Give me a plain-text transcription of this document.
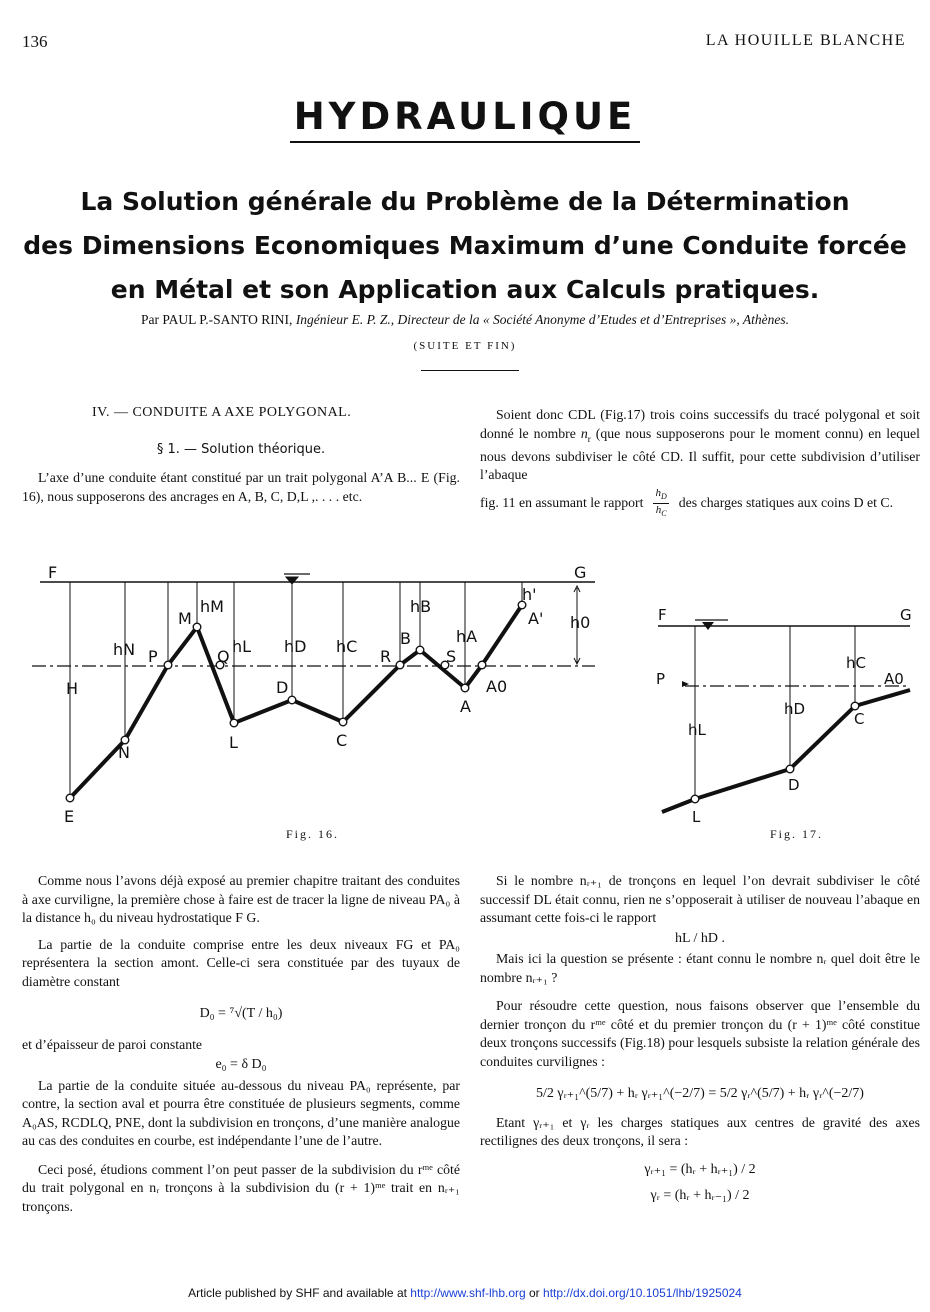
136	LA HOUILLE BLANCHE
HYDRAULIQUE
La Solution générale du Problème de la Détermination
des Dimensions Economiques Maximum d’une Conduite forcée
en Métal et son Application aux Calculs pratiques.
Par PAUL P.-SANTO RINI, Ingénieur E. P. Z., Directeur de la « Société Anonyme d’Etudes et d’Entreprises », Athènes.
(SUITE ET FIN)
IV. — CONDUITE A AXE POLYGONAL.
§ 1. — Solution théorique.

L’axe d’une conduite étant constitué par un trait polygonal A’A B... E (Fig. 16), nous supposerons des ancrages en A, B, C, D,L ,. . . . etc.

Soient donc CDL (Fig.17) trois coins successifs du tracé polygonal et soit donné le nombre $n_r$ (que nous supposerons pour le moment connu) en lequel nous devons subdiviser le côté CD. Il suffit, pour cette subdivision d’utiliser l’abaque

fig. 11 en assumant le rapport
$h_D$
$h_C$
des charges statiques aux coins D et C.
F	G
H
M
hM
hN
N
P	Q
hL hD hC
hB
hA
h'
A' h0
L
D
C
R
B
S
A
A0
E
Fig. 16.
F	G
P
hC
A0
hD
C
hL
D
L
Fig. 17.

Comme nous l’avons déjà exposé au premier chapitre traitant des conduites à axe curviligne, la première chose à faire est de tracer la ligne de niveau PA₀ à la distance h₀ du niveau hydrostatique F G.

La partie de la conduite comprise entre les deux niveaux FG et PA₀ représentera la section amont. Celle-ci sera constituée par des tuyaux de diamètre constant

D₀ = ⁷√(T / h₀)

et d’épaisseur de paroi constante

e₀ = δ D₀

La partie de la conduite située au-dessous du niveau PA₀ représente, par contre, la section aval et pourra être constituée de plusieurs segments, comme A₀AS, RCDLQ, PNE, dont la subdivision en tronçons, d’une manière analogue au cas des conduites en courbe, est indépendante l’une de l’autre.

Ceci posé, étudions comment l’on peut passer de la subdivision du rᵐᵉ côté du trait polygonal en nᵣ tronçons à la subdivision du (r + 1)ᵐᵉ trait en nᵣ₊₁ tronçons.

Si le nombre nᵣ₊₁ de tronçons en lequel l’on devrait subdiviser le côté successif DL était connu, rien ne s’opposerait à utiliser de nouveau l’abaque en assumant cette fois-ci le rapport

hL / hD .

Mais ici la question se présente : étant connu le nombre nᵣ quel doit être le nombre nᵣ₊₁ ?

Pour résoudre cette question, nous faisons observer que l’ensemble du dernier tronçon du rᵐᵉ côté et du premier tronçon du (r + 1)ᵐᵉ côté constitue deux tronçons successifs (Fig.18) pour lesquels subsiste la relation générale des conduites curvilignes :

5/2 γᵣ₊₁^(5/7) + hᵣ γᵣ₊₁^(−2/7) = 5/2 γᵣ^(5/7) + hᵣ γᵣ^(−2/7)

Etant γᵣ₊₁ et γᵣ les charges statiques aux centres de gravité des axes rectilignes des deux tronçons, il sera :

γᵣ₊₁ = (hᵣ + hᵣ₊₁) / 2
γᵣ = (hᵣ + hᵣ₋₁) / 2
Article published by SHF and available at http://www.shf-lhb.org or http://dx.doi.org/10.1051/lhb/1925024
